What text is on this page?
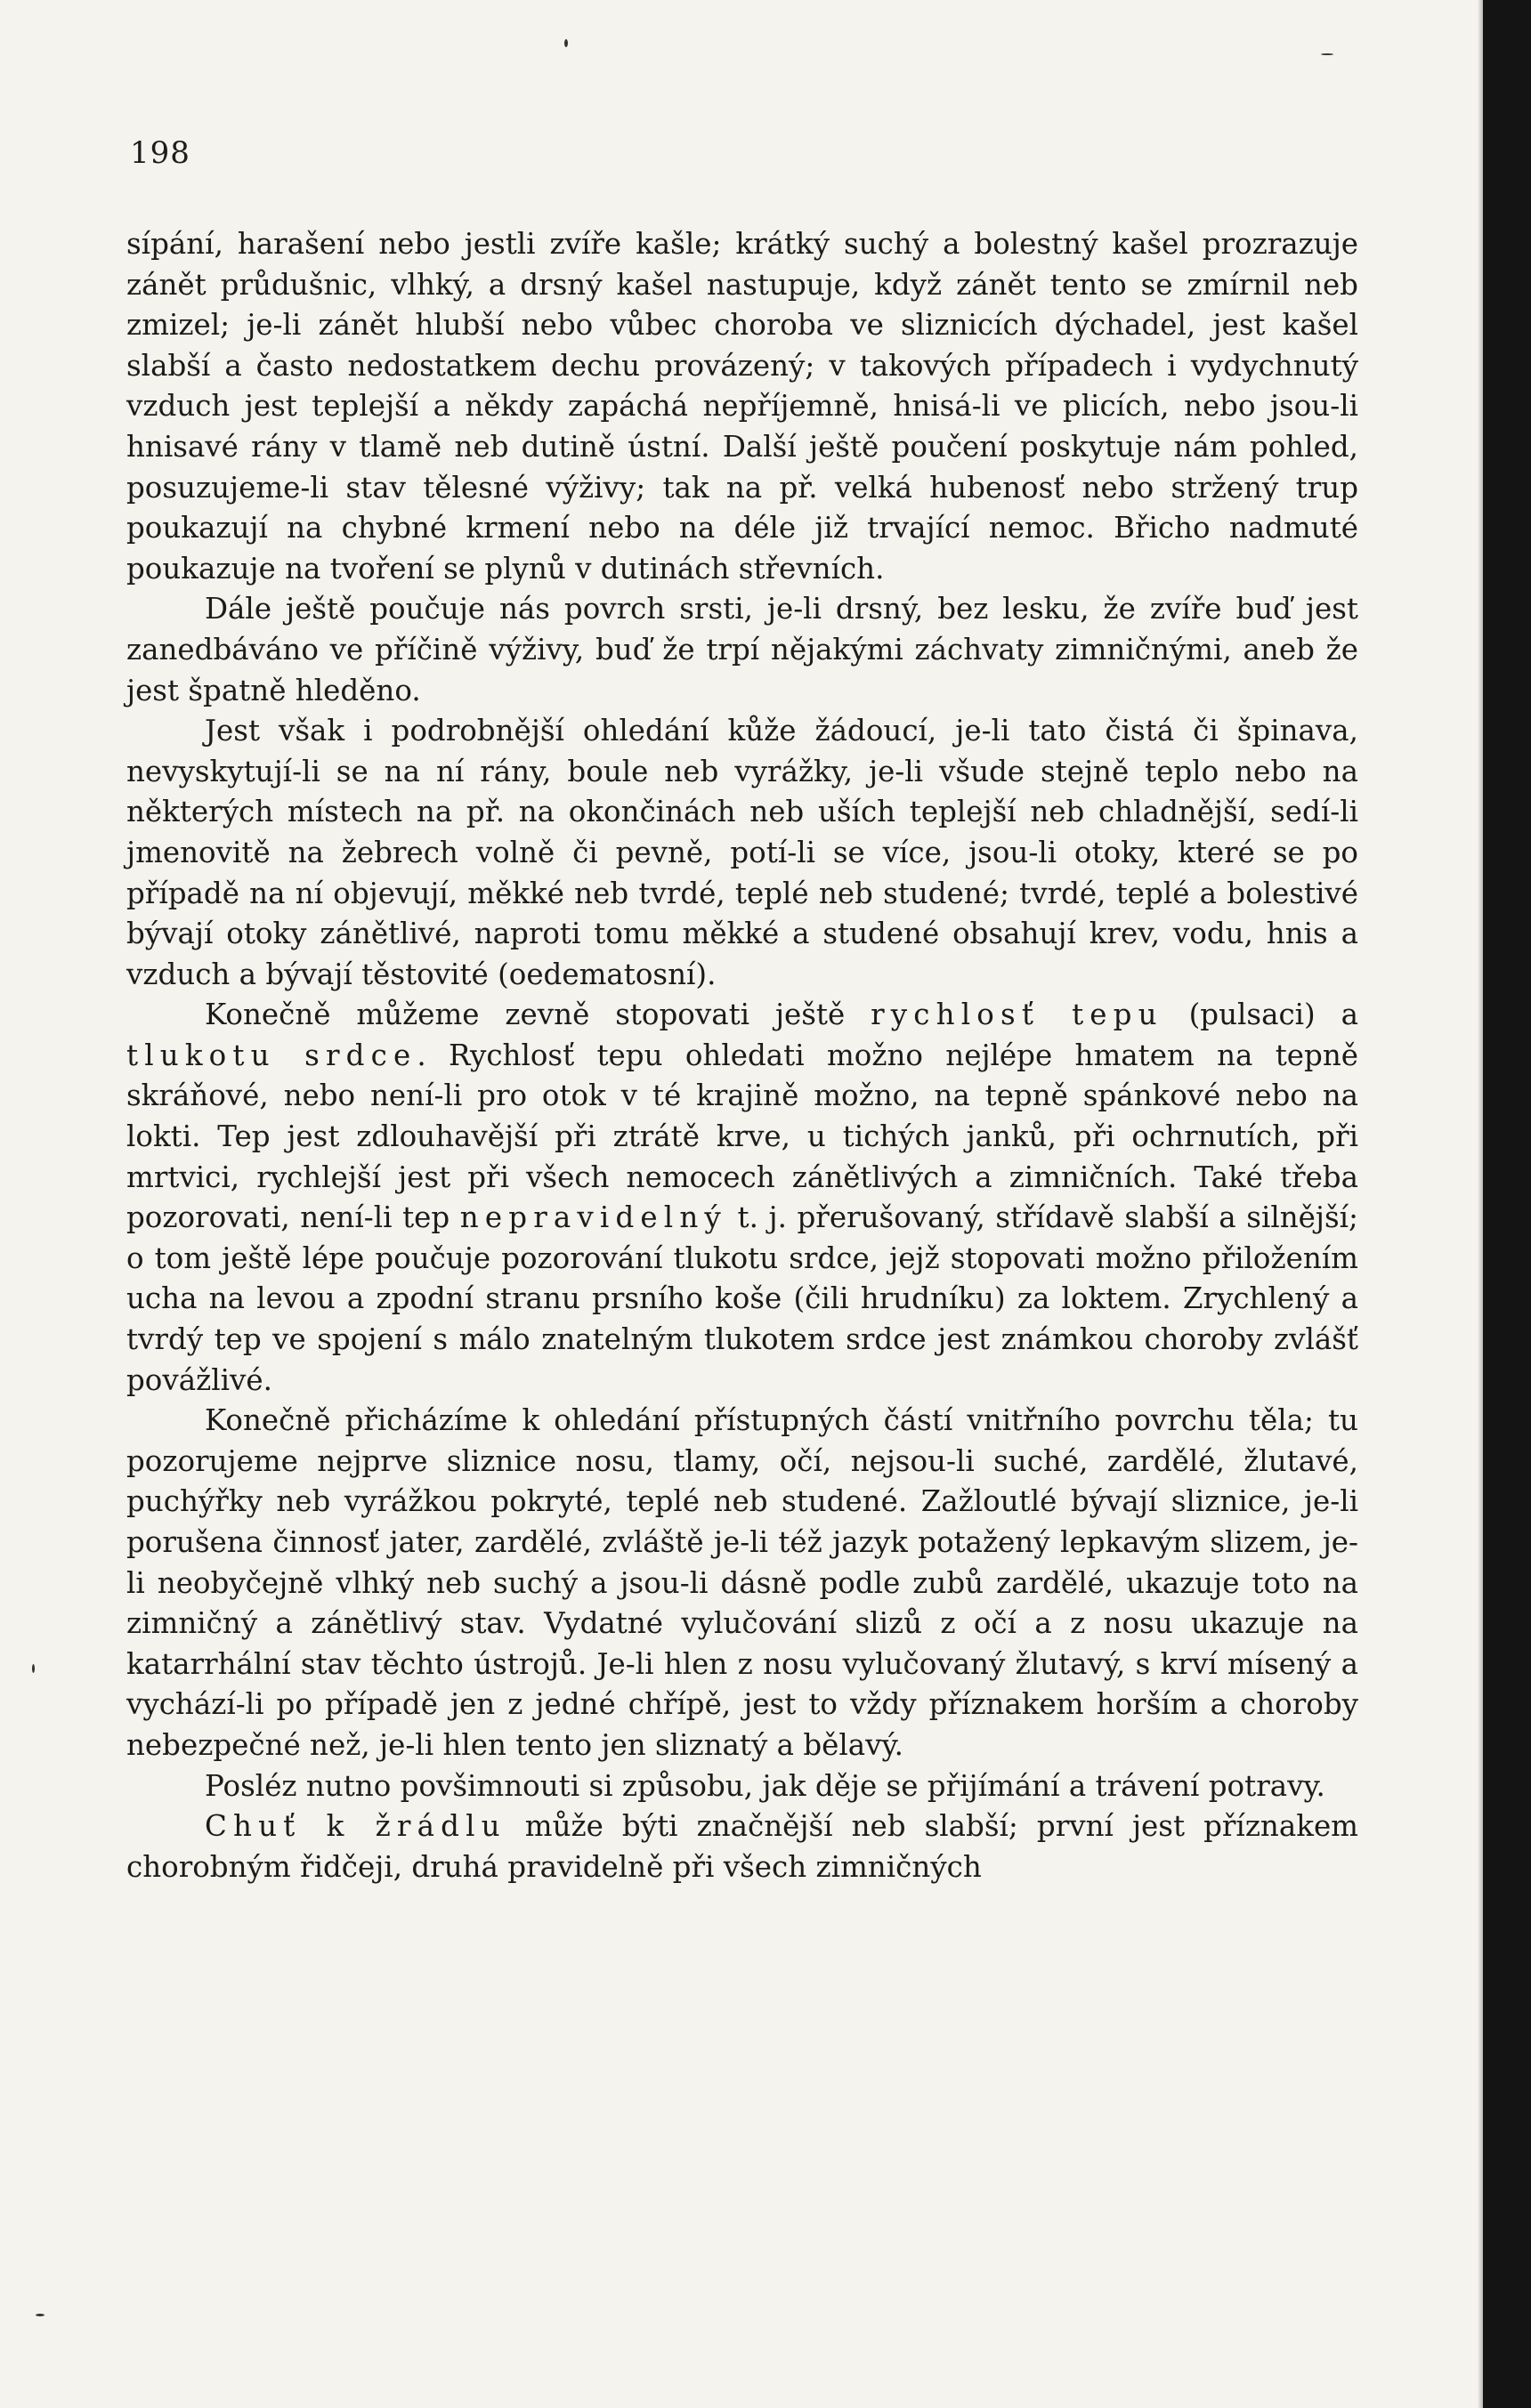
198

sípání, harašení nebo jestli zvíře kašle; krátký suchý a bolestný kašel prozrazuje zánět průdušnic, vlhký, a drsný kašel nastupuje, když zánět tento se zmírnil neb zmizel; je-li zánět hlubší nebo vůbec choroba ve sliznicích dýchadel, jest kašel slabší a často nedostatkem dechu provázený; v takových případech i vydychnutý vzduch jest teplejší a někdy zapáchá nepříjemně, hnisá-li ve plicích, nebo jsou-li hnisavé rány v tlamě neb dutině ústní. Další ještě poučení poskytuje nám pohled, posuzujeme-li stav tělesné výživy; tak na př. velká hubenosť nebo stržený trup poukazují na chybné krmení nebo na déle již trvající nemoc. Břicho nadmuté poukazuje na tvoření se plynů v dutinách střevních.

Dále ještě poučuje nás povrch srsti, je-li drsný, bez lesku, že zvíře buď jest zanedbáváno ve příčině výživy, buď že trpí nějakými záchvaty zimničnými, aneb že jest špatně hleděno.

Jest však i podrobnější ohledání kůže žádoucí, je-li tato čistá či špinava, nevyskytují-li se na ní rány, boule neb vyrážky, je-li všude stejně teplo nebo na některých místech na př. na okončinách neb uších teplejší neb chladnější, sedí-li jmenovitě na žebrech volně či pevně, potí-li se více, jsou-li otoky, které se po případě na ní objevují, měkké neb tvrdé, teplé neb studené; tvrdé, teplé a bolestivé bývají otoky zánětlivé, naproti tomu měkké a studené obsahují krev, vodu, hnis a vzduch a bývají těstovité (oedematosní).

Konečně můžeme zevně stopovati ještě rychlosť tepu (pulsaci) a tlukotu srdce. Rychlosť tepu ohledati možno nejlépe hmatem na tepně skráňové, nebo není-li pro otok v té krajině možno, na tepně spánkové nebo na lokti. Tep jest zdlouhavější při ztrátě krve, u tichých janků, při ochrnutích, při mrtvici, rychlejší jest při všech nemocech zánětlivých a zimničních. Také třeba pozorovati, není-li tep nepravidelný t. j. přerušovaný, střídavě slabší a silnější; o tom ještě lépe poučuje pozorování tlukotu srdce, jejž stopovati možno přiložením ucha na levou a zpodní stranu prsního koše (čili hrudníku) za loktem. Zrychlený a tvrdý tep ve spojení s málo znatelným tlukotem srdce jest známkou choroby zvlášť povážlivé.

Konečně přicházíme k ohledání přístupných částí vnitřního povrchu těla; tu pozorujeme nejprve sliznice nosu, tlamy, očí, nejsou-li suché, zardělé, žlutavé, puchýřky neb vyrážkou pokryté, teplé neb studené. Zažloutlé bývají sliznice, je-li porušena činnosť jater, zardělé, zvláště je-li též jazyk potažený lepkavým slizem, je-li neobyčejně vlhký neb suchý a jsou-li dásně podle zubů zardělé, ukazuje toto na zimničný a zánětlivý stav. Vydatné vylučování slizů z očí a z nosu ukazuje na katarrhální stav těchto ústrojů. Je-li hlen z nosu vylučovaný žlutavý, s krví mísený a vychází-li po případě jen z jedné chřípě, jest to vždy příznakem horším a choroby nebezpečné než, je-li hlen tento jen sliznatý a bělavý.

Posléz nutno povšimnouti si způsobu, jak děje se přijímání a trávení potravy.

Chuť k žrádlu může býti značnější neb slabší; první jest příznakem chorobným řidčeji, druhá pravidelně při všech zimničných
